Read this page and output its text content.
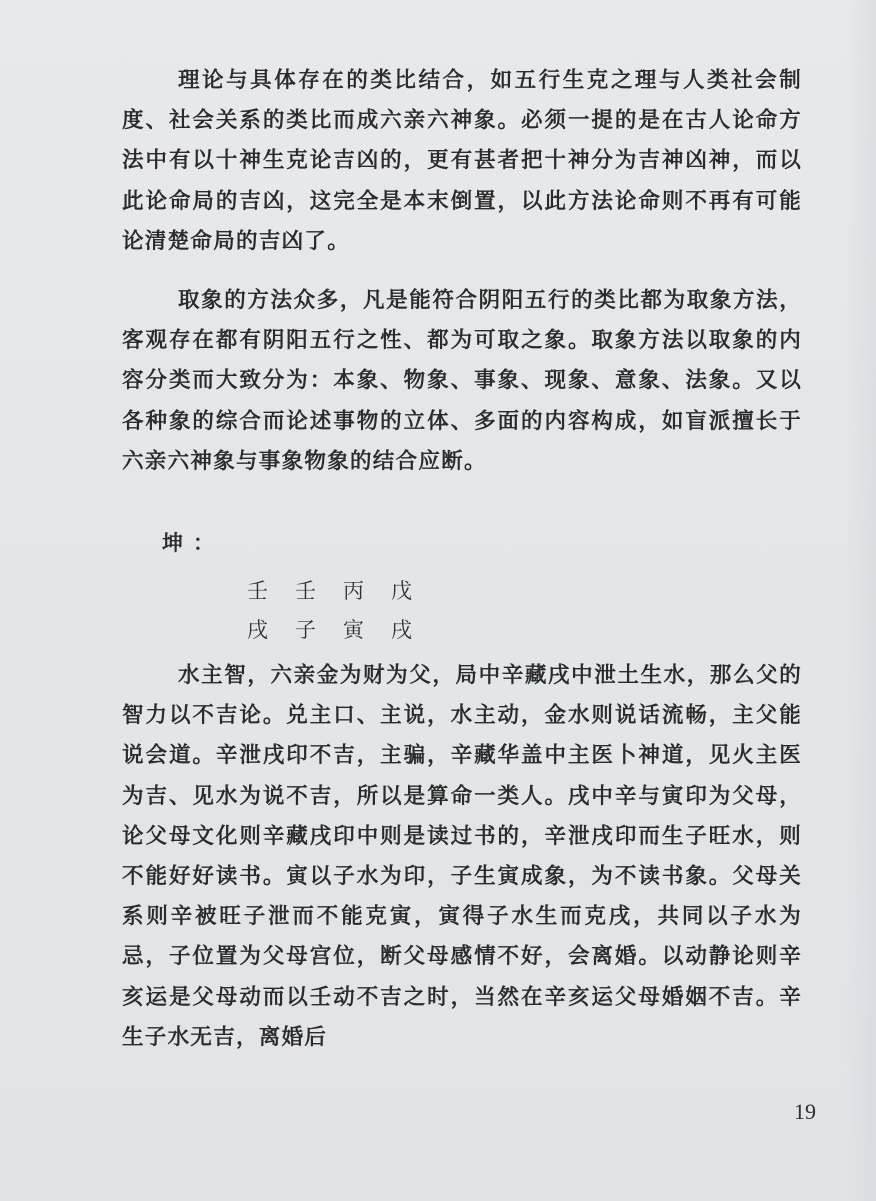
理论与具体存在的类比结合，如五行生克之理与人类社会制度、社会关系的类比而成六亲六神象。必须一提的是在古人论命方法中有以十神生克论吉凶的，更有甚者把十神分为吉神凶神，而以此论命局的吉凶，这完全是本末倒置，以此方法论命则不再有可能论清楚命局的吉凶了。

取象的方法众多，凡是能符合阴阳五行的类比都为取象方法，客观存在都有阴阳五行之性、都为可取之象。取象方法以取象的内容分类而大致分为：本象、物象、事象、现象、意象、法象。又以各种象的综合而论述事物的立体、多面的内容构成，如盲派擅长于六亲六神象与事象物象的结合应断。

坤：
壬	壬	丙	戊
戌	子	寅	戌

水主智，六亲金为财为父，局中辛藏戌中泄土生水，那么父的智力以不吉论。兑主口、主说，水主动，金水则说话流畅，主父能说会道。辛泄戌印不吉，主骗，辛藏华盖中主医卜神道，见火主医为吉、见水为说不吉，所以是算命一类人。戌中辛与寅印为父母，论父母文化则辛藏戌印中则是读过书的，辛泄戌印而生子旺水，则不能好好读书。寅以子水为印，子生寅成象，为不读书象。父母关系则辛被旺子泄而不能克寅，寅得子水生而克戌，共同以子水为忌，子位置为父母宫位，断父母感情不好，会离婚。以动静论则辛亥运是父母动而以壬动不吉之时，当然在辛亥运父母婚姻不吉。辛生子水无吉，离婚后

19
